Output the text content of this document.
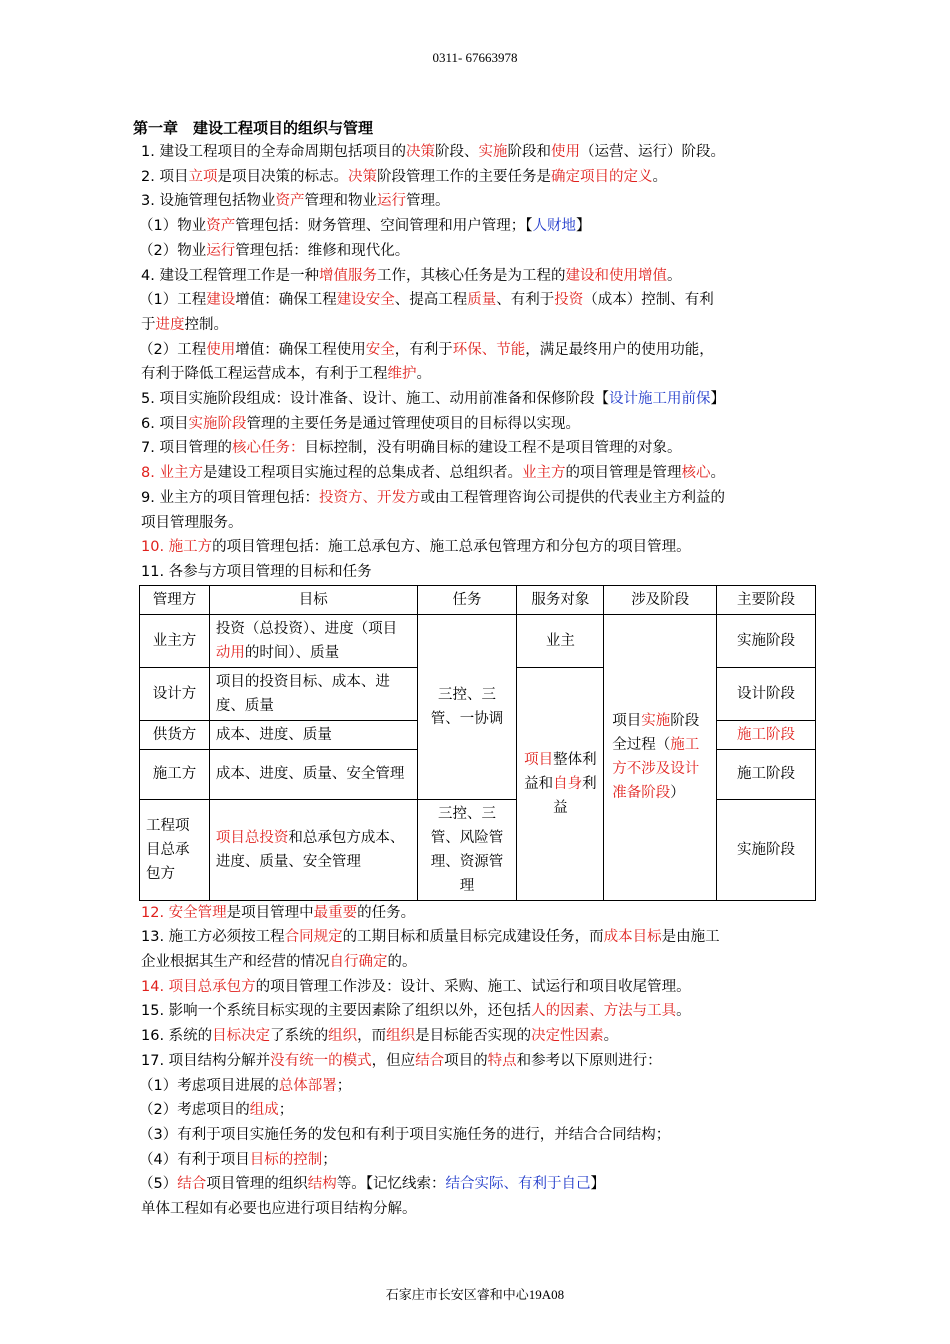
0311- 67663978
第一章　建设工程项目的组织与管理
1. 建设工程项目的全寿命周期包括项目的决策阶段、实施阶段和使用（运营、运行）阶段。
2. 项目立项是项目决策的标志。决策阶段管理工作的主要任务是确定项目的定义。
3. 设施管理包括物业资产管理和物业运行管理。
（1）物业资产管理包括：财务管理、空间管理和用户管理；【人财地】
（2）物业运行管理包括：维修和现代化。
4. 建设工程管理工作是一种增值服务工作，其核心任务是为工程的建设和使用增值。
（1）工程建设增值：确保工程建设安全、提高工程质量、有利于投资（成本）控制、有利
于进度控制。
（2）工程使用增值：确保工程使用安全，有利于环保、节能，满足最终用户的使用功能，
有利于降低工程运营成本，有利于工程维护。
5. 项目实施阶段组成：设计准备、设计、施工、动用前准备和保修阶段【设计施工用前保】
6. 项目实施阶段管理的主要任务是通过管理使项目的目标得以实现。
7. 项目管理的核心任务：目标控制，没有明确目标的建设工程不是项目管理的对象。
8. 业主方是建设工程项目实施过程的总集成者、总组织者。业主方的项目管理是管理核心。
9. 业主方的项目管理包括：投资方、开发方或由工程管理咨询公司提供的代表业主方利益的
项目管理服务。
10. 施工方的项目管理包括：施工总承包方、施工总承包管理方和分包方的项目管理。
11. 各参与方项目管理的目标和任务
管理方	目标	任务	服务对象	涉及阶段	主要阶段
业主方	投资（总投资）、进度（项目动用的时间）、质量	三控、三管、一协调	业主	项目实施阶段全过程（施工方不涉及设计准备阶段）	实施阶段
设计方	项目的投资目标、成本、进度、质量		项目整体利益和自身利益		设计阶段
供货方	成本、进度、质量				施工阶段
施工方	成本、进度、质量、安全管理				施工阶段
工程项目总承包方	项目总投资和总承包方成本、进度、质量、安全管理	三控、三管、风险管理、资源管理			实施阶段
12. 安全管理是项目管理中最重要的任务。
13. 施工方必须按工程合同规定的工期目标和质量目标完成建设任务，而成本目标是由施工
企业根据其生产和经营的情况自行确定的。
14. 项目总承包方的项目管理工作涉及：设计、采购、施工、试运行和项目收尾管理。
15. 影响一个系统目标实现的主要因素除了组织以外，还包括人的因素、方法与工具。
16. 系统的目标决定了系统的组织，而组织是目标能否实现的决定性因素。
17. 项目结构分解并没有统一的模式，但应结合项目的特点和参考以下原则进行：
（1）考虑项目进展的总体部署；
（2）考虑项目的组成；
（3）有利于项目实施任务的发包和有利于项目实施任务的进行，并结合合同结构；
（4）有利于项目目标的控制；
（5）结合项目管理的组织结构等。【记忆线索：结合实际、有利于自己】
单体工程如有必要也应进行项目结构分解。
石家庄市长安区睿和中心19A08
